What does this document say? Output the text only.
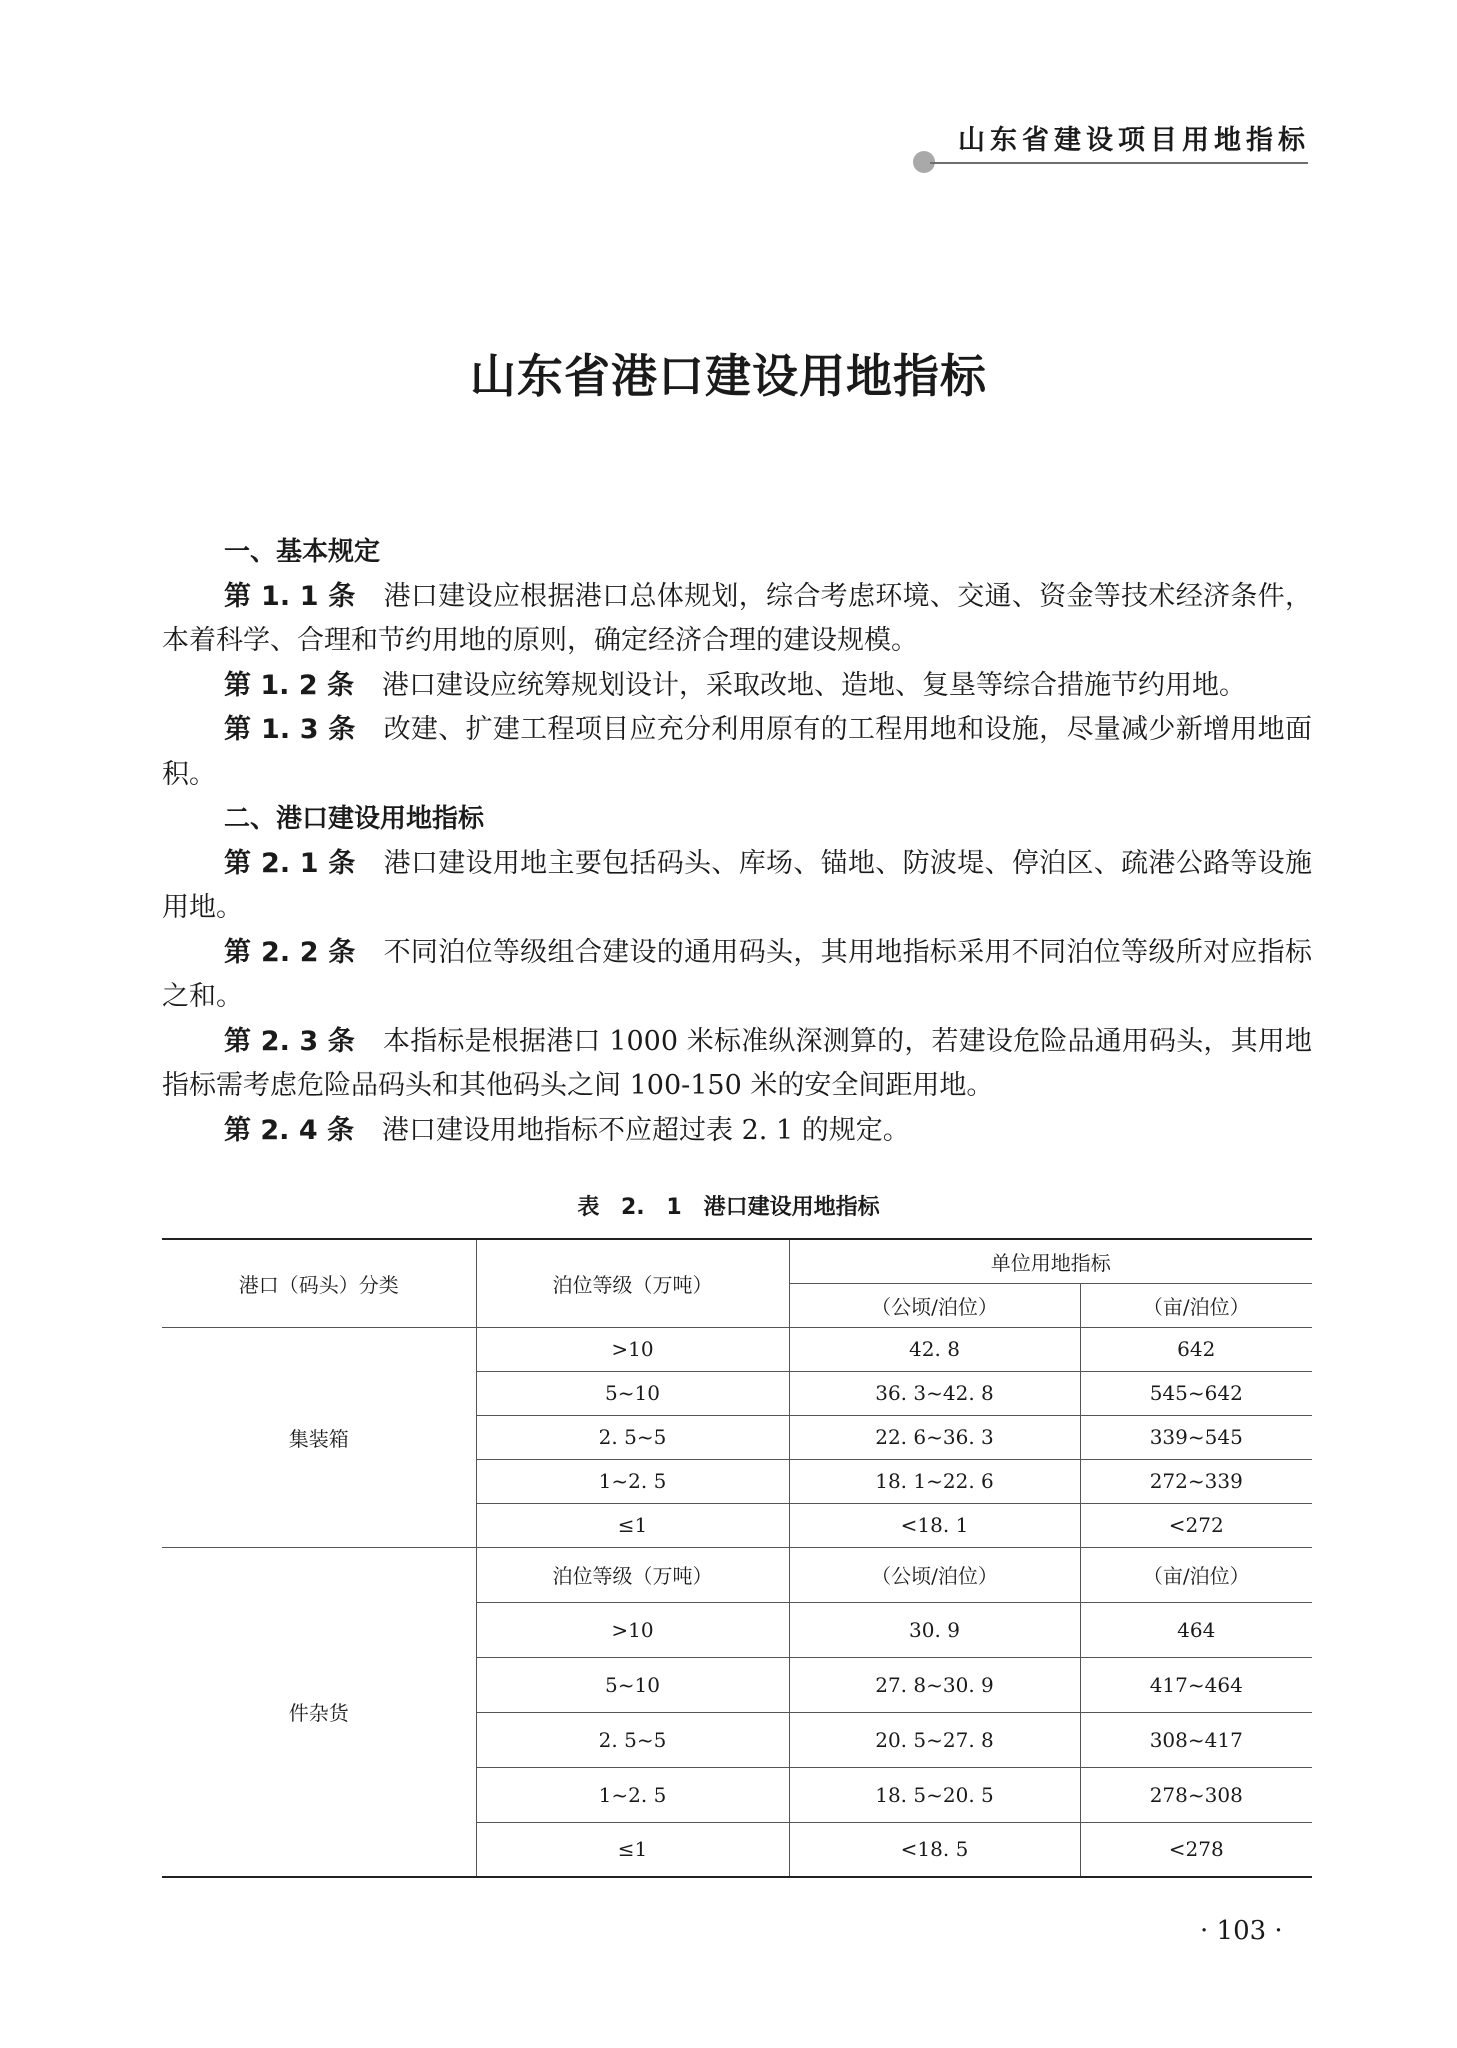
山东省建设项目用地指标
山东省港口建设用地指标

一、基本规定

第 1. 1 条 港口建设应根据港口总体规划，综合考虑环境、交通、资金等技术经济条件，本着科学、合理和节约用地的原则，确定经济合理的建设规模。

第 1. 2 条 港口建设应统筹规划设计，采取改地、造地、复垦等综合措施节约用地。

第 1. 3 条 改建、扩建工程项目应充分利用原有的工程用地和设施，尽量减少新增用地面积。

二、港口建设用地指标

第 2. 1 条 港口建设用地主要包括码头、库场、锚地、防波堤、停泊区、疏港公路等设施用地。

第 2. 2 条 不同泊位等级组合建设的通用码头，其用地指标采用不同泊位等级所对应指标之和。

第 2. 3 条 本指标是根据港口 1000 米标准纵深测算的，若建设危险品通用码头，其用地指标需考虑危险品码头和其他码头之间 100-150 米的安全间距用地。

第 2. 4 条 港口建设用地指标不应超过表 2. 1 的规定。

表 2. 1　港口建设用地指标
港口（码头）分类	泊位等级（万吨）	单位用地指标	
		（公顷/泊位）	（亩/泊位）
集装箱	>10	42. 8	642
	5~10	36. 3~42. 8	545~642
	2. 5~5	22. 6~36. 3	339~545
	1~2. 5	18. 1~22. 6	272~339
	≤1	<18. 1	<272
件杂货	泊位等级（万吨）	（公顷/泊位）	（亩/泊位）
	>10	30. 9	464
	5~10	27. 8~30. 9	417~464
	2. 5~5	20. 5~27. 8	308~417
	1~2. 5	18. 5~20. 5	278~308
	≤1	<18. 5	<278
· 103 ·
